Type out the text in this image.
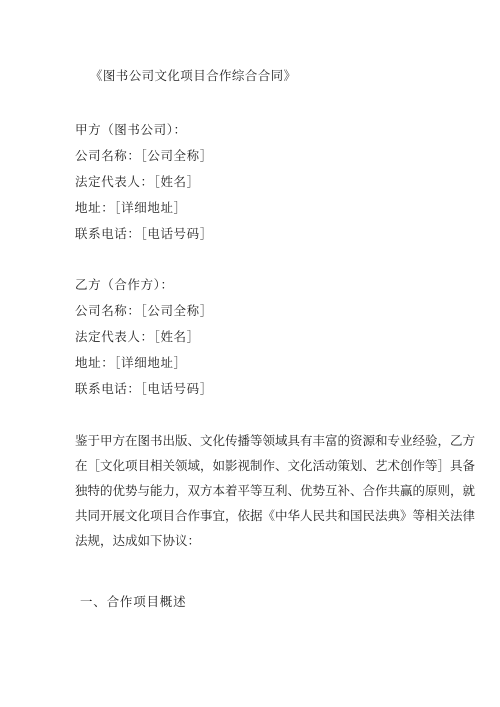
《图书公司文化项目合作综合合同》
甲方（图书公司）：
公司名称：［公司全称］
法定代表人：［姓名］
地址：［详细地址］
联系电话：［电话号码］
乙方（合作方）：
公司名称：［公司全称］
法定代表人：［姓名］
地址：［详细地址］
联系电话：［电话号码］
鉴于甲方在图书出版、文化传播等领域具有丰富的资源和专业经验，乙方
在［文化项目相关领域，如影视制作、文化活动策划、艺术创作等］具备
独特的优势与能力，双方本着平等互利、优势互补、合作共赢的原则，就
共同开展文化项目合作事宜，依据《中华人民共和国民法典》等相关法律
法规，达成如下协议：
一、合作项目概述
